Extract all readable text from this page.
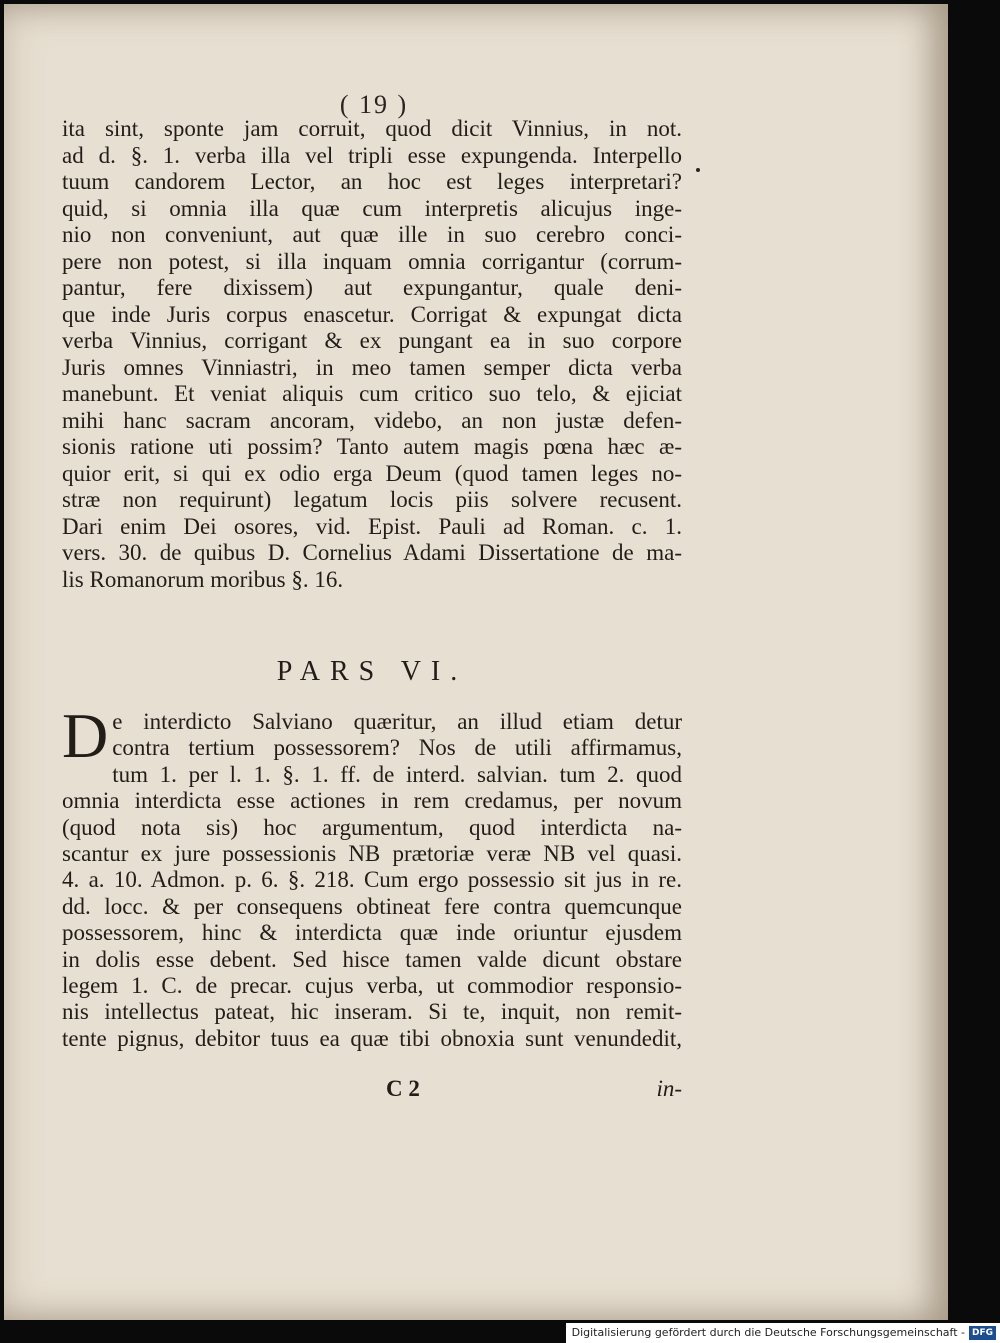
( 19 )
ita sint, sponte jam corruit, quod dicit Vinnius, in not.
ad d. §. 1. verba illa vel tripli esse expungenda. Interpello
tuum candorem Lector, an hoc est leges interpretari?
quid, si omnia illa quæ cum interpretis alicujus inge-
nio non conveniunt, aut quæ ille in suo cerebro conci-
pere non potest, si illa inquam omnia corrigantur (corrum-
pantur, fere dixissem) aut expungantur, quale deni-
que inde Juris corpus enascetur. Corrigat & expungat dicta
verba Vinnius, corrigant & ex pungant ea in suo corpore
Juris omnes Vinniastri, in meo tamen semper dicta verba
manebunt. Et veniat aliquis cum critico suo telo, & ejiciat
mihi hanc sacram ancoram, videbo, an non justæ defen-
sionis ratione uti possim? Tanto autem magis pœna hæc æ-
quior erit, si qui ex odio erga Deum (quod tamen leges no-
stræ non requirunt) legatum locis piis solvere recusent.
Dari enim Dei osores, vid. Epist. Pauli ad Roman. c. 1.
vers. 30. de quibus D. Cornelius Adami Dissertatione de ma-
lis Romanorum moribus §. 16.
PARS VI.
D e interdicto Salviano quæritur, an illud etiam detur
contra tertium possessorem? Nos de utili affirmamus,
tum 1. per l. 1. §. 1. ff. de interd. salvian. tum 2. quod
omnia interdicta esse actiones in rem credamus, per novum
(quod nota sis) hoc argumentum, quod interdicta na-
scantur ex jure possessionis NB prætoriæ veræ NB vel quasi.
4. a. 10. Admon. p. 6. §. 218. Cum ergo possessio sit jus in re.
dd. locc. & per consequens obtineat fere contra quemcunque
possessorem, hinc & interdicta quæ inde oriuntur ejusdem
in dolis esse debent. Sed hisce tamen valde dicunt obstare
legem 1. C. de precar. cujus verba, ut commodior responsio-
nis intellectus pateat, hic inseram. Si te, inquit, non remit-
tente pignus, debitor tuus ea quæ tibi obnoxia sunt venundedit,
C 2	in-
Digitalisierung gefördert durch die Deutsche Forschungsgemeinschaft - DFG
